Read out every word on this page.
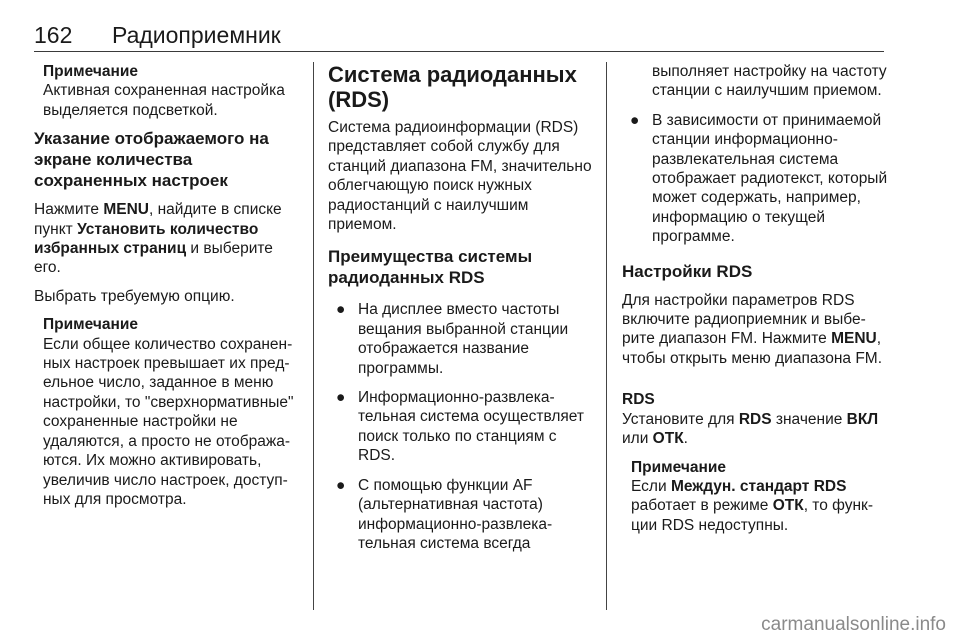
162 Радиоприемник

Примечание

Активная сохраненная настройка выделяется подсветкой.

Указание отображаемого на экране количества сохраненных настроек

Нажмите MENU, найдите в списке пункт Установить количество избранных страниц и выберите его.

Выбрать требуемую опцию.

Примечание

Если общее количество сохраненных настроек превышает их предельное число, заданное в меню настройки, то "сверхнормативные" сохраненные настройки не удаляются, а просто не отображаются. Их можно активировать, увеличив число настроек, доступных для просмотра.

Система радиоданных (RDS)

Система радиоинформации (RDS) представляет собой службу для станций диапазона FM, значительно облегчающую поиск нужных радиостанций с наилучшим приемом.

Преимущества системы радиоданных RDS

● На дисплее вместо частоты вещания выбранной станции отображается название программы.
● Информационно-развлекательная система осуществляет поиск только по станциям с RDS.
● С помощью функции AF (альтернативная частота) информационно-развлекательная система всегда
выполняет настройку на частоту станции с наилучшим приемом.
● В зависимости от принимаемой станции информационно-развлекательная система отображает радиотекст, который может содержать, например, информацию о текущей программе.

Настройки RDS

Для настройки параметров RDS включите радиоприемник и выберите диапазон FM. Нажмите MENU, чтобы открыть меню диапазона FM.

RDS

Установите для RDS значение ВКЛ или ОТК.

Примечание

Если Междун. стандарт RDS работает в режиме ОТК, то функции RDS недоступны.

carmanualsonline.info
